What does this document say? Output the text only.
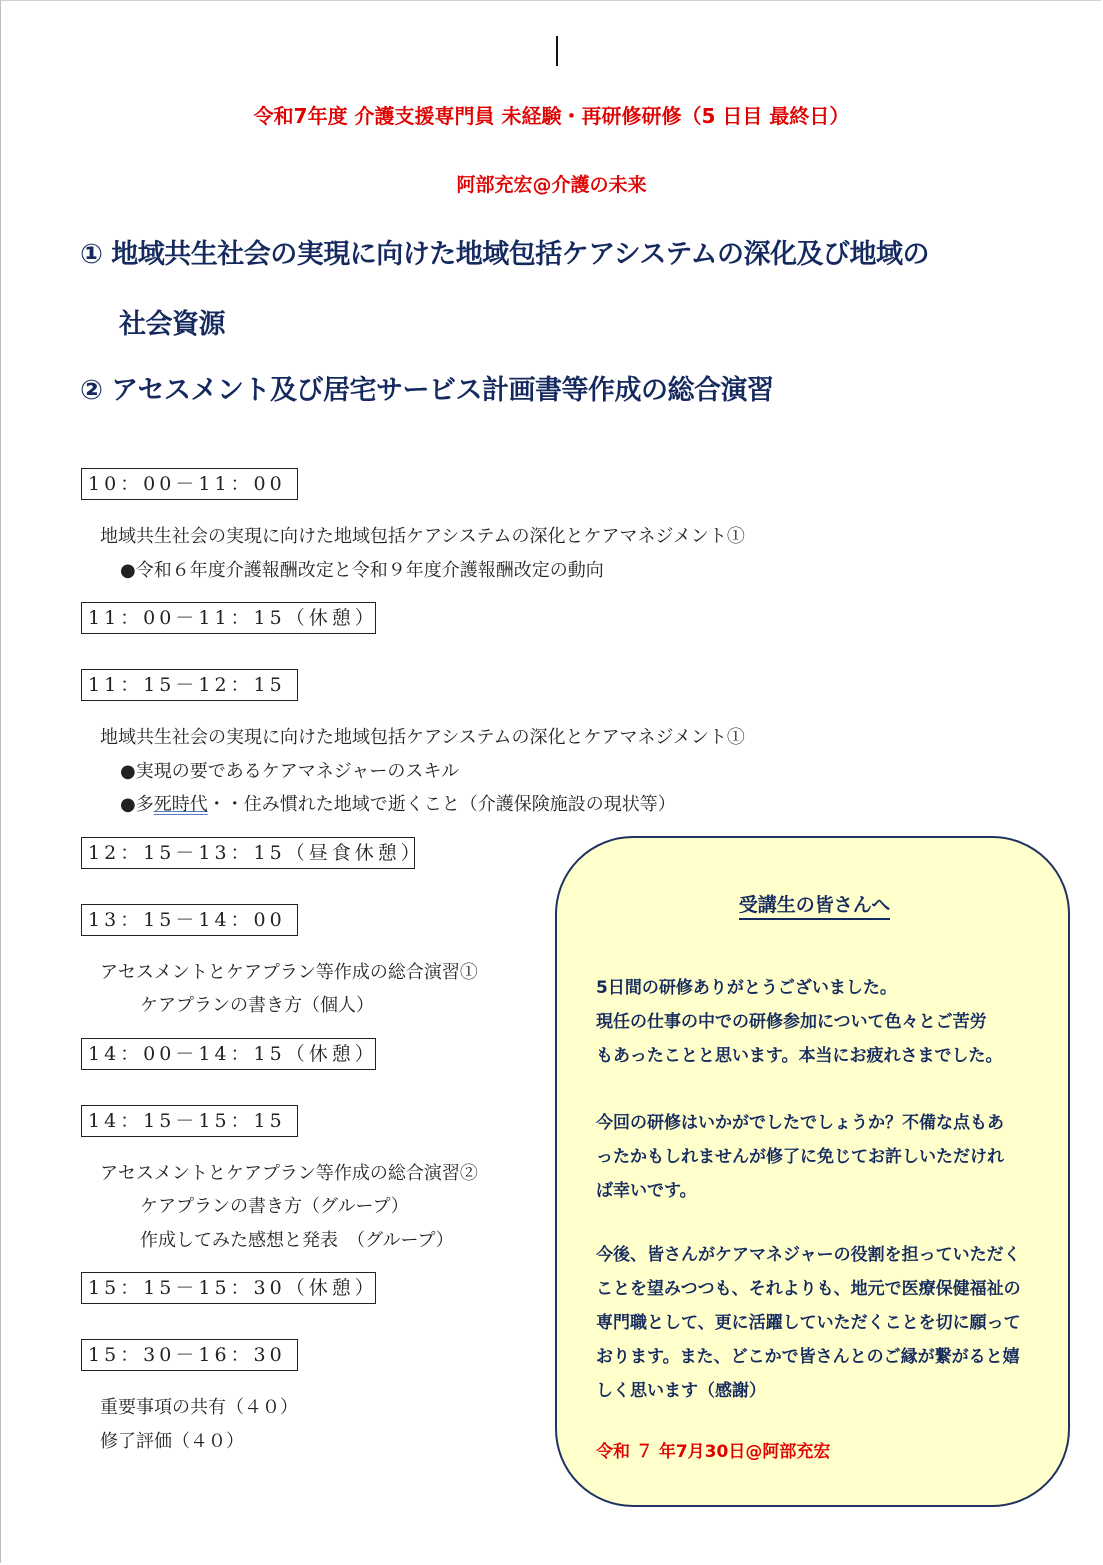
令和7年度 介護支援専門員 未経験・再研修研修（5 日目 最終日）
阿部充宏@介護の未来
① 地域共生社会の実現に向けた地域包括ケアシステムの深化及び地域の
社会資源
② アセスメント及び居宅サービス計画書等作成の総合演習
10：00－11：00
地域共生社会の実現に向けた地域包括ケアシステムの深化とケアマネジメント①
●令和６年度介護報酬改定と令和９年度介護報酬改定の動向
11：00－11：15（休憩）
11：15－12：15
地域共生社会の実現に向けた地域包括ケアシステムの深化とケアマネジメント①
●実現の要であるケアマネジャーのスキル
●多死時代・・住み慣れた地域で逝くこと（介護保険施設の現状等）
12：15－13：15（昼食休憩）
13：15－14：00
アセスメントとケアプラン等作成の総合演習①
ケアプランの書き方（個人）
14：00－14：15（休憩）
14：15－15：15
アセスメントとケアプラン等作成の総合演習②
ケアプランの書き方（グループ）
作成してみた感想と発表　（グループ）
15：15－15：30（休憩）
15：30－16：30
重要事項の共有（４０）
修了評価（４０）
受講生の皆さんへ
5日間の研修ありがとうございました。
現任の仕事の中での研修参加について色々とご苦労
もあったことと思います。本当にお疲れさまでした。
今回の研修はいかがでしたでしょうか？不備な点もあ
ったかもしれませんが修了に免じてお許しいただけれ
ば幸いです。
今後、皆さんがケアマネジャーの役割を担っていただく
ことを望みつつも、それよりも、地元で医療保健福祉の
専門職として、更に活躍していただくことを切に願って
おります。また、どこかで皆さんとのご縁が繋がると嬉
しく思います（感謝）
令和 ７ 年7月30日@阿部充宏
